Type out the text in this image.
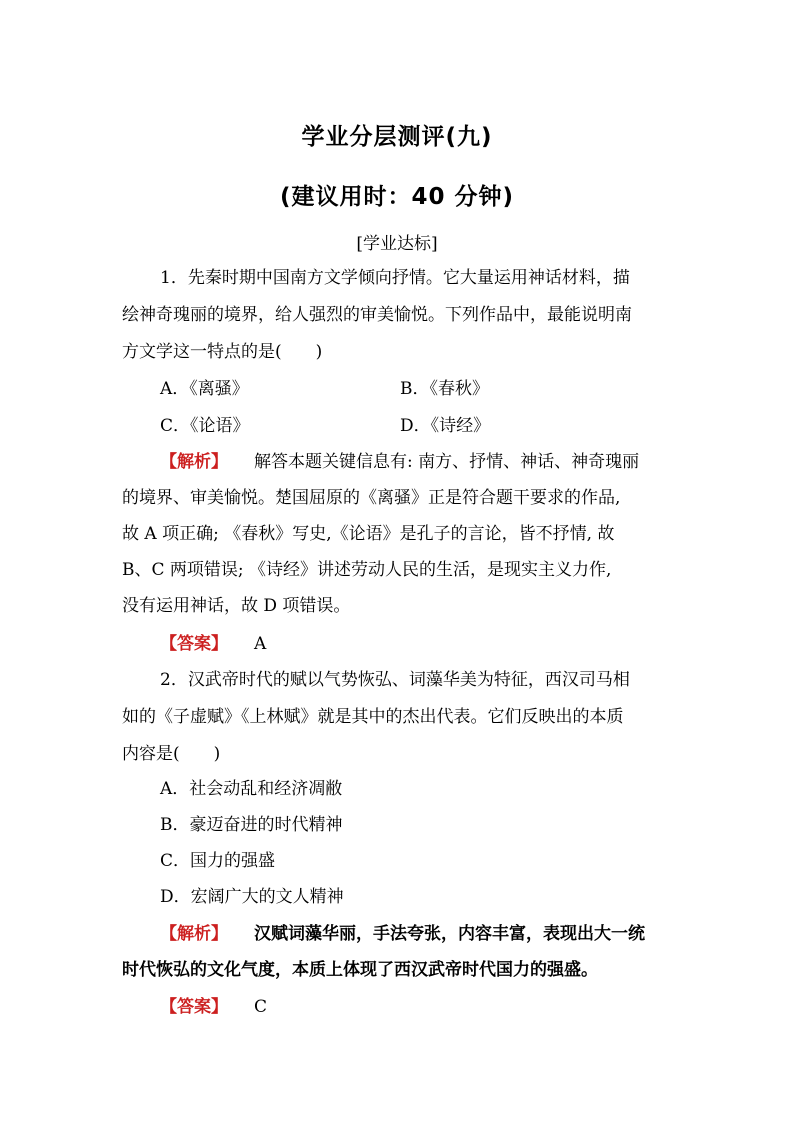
学业分层测评(九)
(建议用时：40 分钟)
[学业达标]
1．先秦时期中国南方文学倾向抒情。它大量运用神话材料，描
绘神奇瑰丽的境界，给人强烈的审美愉悦。下列作品中，最能说明南
方文学这一特点的是(　　)
A．《离骚》	B．《春秋》
C．《论语》	D．《诗经》
【解析】 解答本题关键信息有: 南方、抒情、神话、神奇瑰丽
的境界、审美愉悦。楚国屈原的《离骚》正是符合题干要求的作品,
故 A 项正确; 《春秋》写史,《论语》是孔子的言论，皆不抒情, 故
B、C 两项错误; 《诗经》讲述劳动人民的生活，是现实主义力作,
没有运用神话，故 D 项错误。
【答案】 A
2．汉武帝时代的赋以气势恢弘、词藻华美为特征，西汉司马相
如的《子虚赋》《上林赋》就是其中的杰出代表。它们反映出的本质
内容是(　　)
A．社会动乱和经济凋敝
B．豪迈奋进的时代精神
C．国力的强盛
D．宏阔广大的文人精神
【解析】 汉赋词藻华丽，手法夸张，内容丰富，表现出大一统
时代恢弘的文化气度，本质上体现了西汉武帝时代国力的强盛。
【答案】 C
